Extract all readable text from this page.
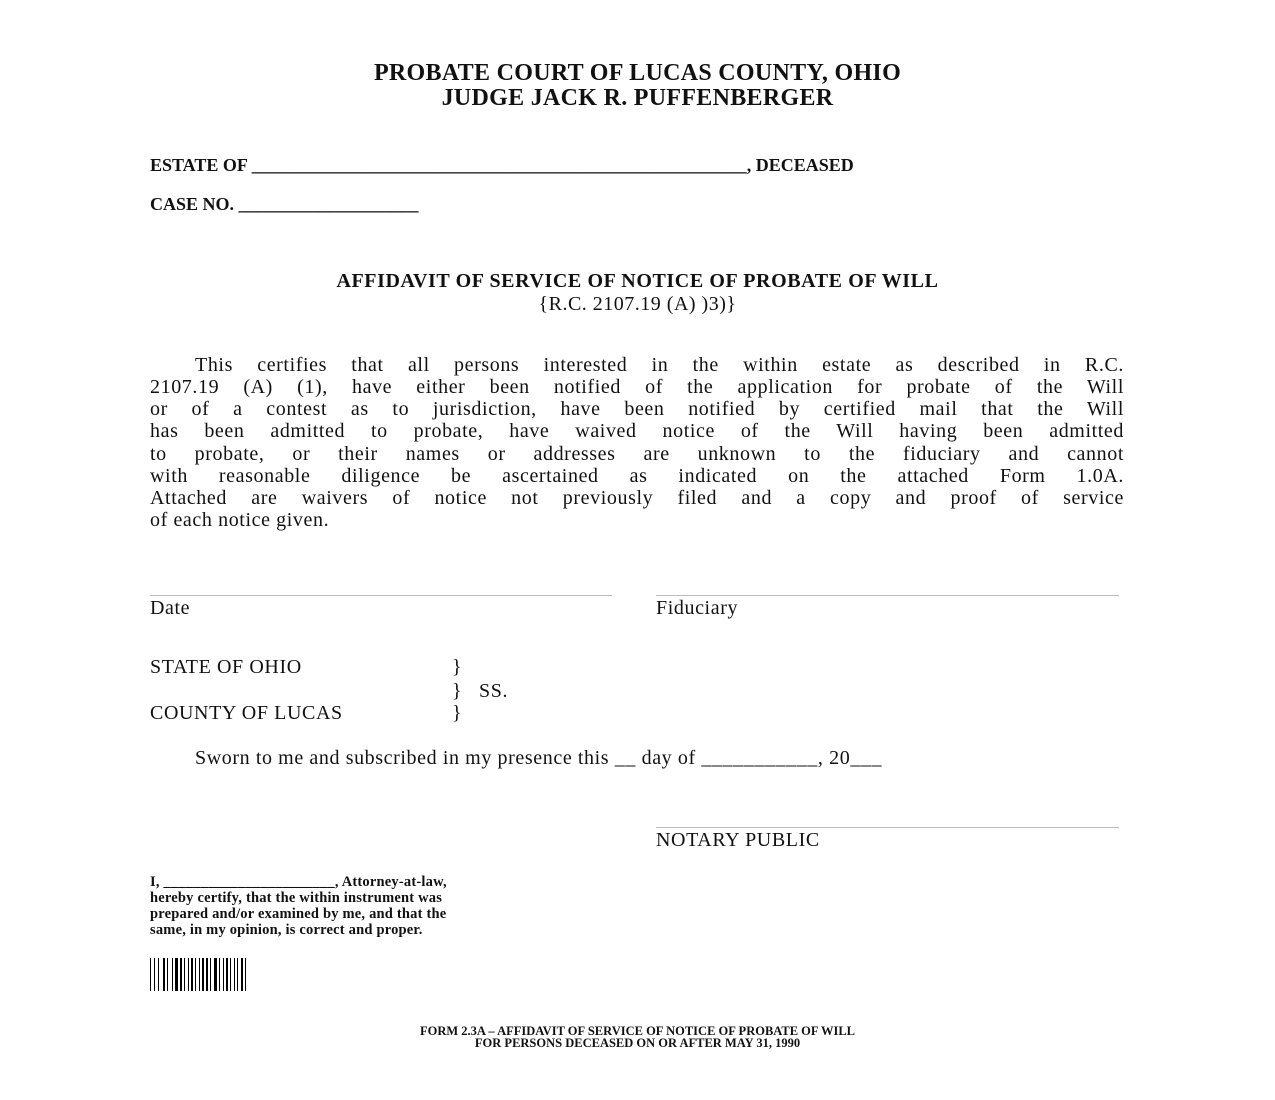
PROBATE COURT OF LUCAS COUNTY, OHIO
JUDGE JACK R. PUFFENBERGER
ESTATE OF _______________________________________________________, DECEASED
CASE NO. ____________________
AFFIDAVIT OF SERVICE OF NOTICE OF PROBATE OF WILL
{R.C. 2107.19 (A) )3)}
This certifies that all persons interested in the within estate as described in R.C.
2107.19 (A) (1), have either been notified of the application for probate of the Will
or of a contest as to jurisdiction, have been notified by certified mail that the Will
has been admitted to probate, have waived notice of the Will having been admitted
to probate, or their names or addresses are unknown to the fiduciary and cannot
with reasonable diligence be ascertained as indicated on the attached Form 1.0A.
Attached are waivers of notice not previously filed and a copy and proof of service
of each notice given.
Date	Fiduciary
STATE OF OHIO	}
} SS.
COUNTY OF LUCAS	}
Sworn to me and subscribed in my presence this __ day of ___________, 20___
NOTARY PUBLIC
I, _______________________, Attorney-at-law,
hereby certify, that the within instrument was
prepared and/or examined by me, and that the
same, in my opinion, is correct and proper.
FORM 2.3A – AFFIDAVIT OF SERVICE OF NOTICE OF PROBATE OF WILL
FOR PERSONS DECEASED ON OR AFTER MAY 31, 1990
